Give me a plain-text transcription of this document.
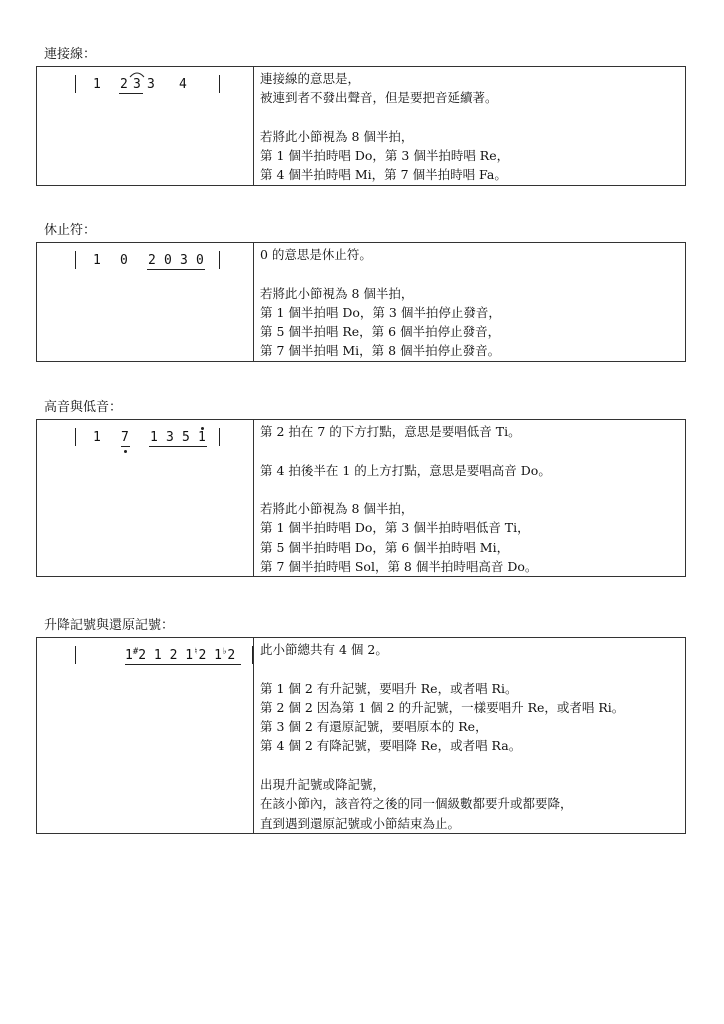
連接線：
1 2 3 3 4	連接線的意思是，
被連到者不發出聲音，但是要把音延續著。
若將此小節視為 8 個半拍，
第 1 個半拍時唱 Do，第 3 個半拍時唱 Re，
第 4 個半拍時唱 Mi，第 7 個半拍時唱 Fa。
休止符：
1 0 2 0 3 0	0 的意思是休止符。
若將此小節視為 8 個半拍，
第 1 個半拍唱 Do，第 3 個半拍停止發音，
第 5 個半拍唱 Re，第 6 個半拍停止發音，
第 7 個半拍唱 Mi，第 8 個半拍停止發音。
高音與低音：
1 7 1 3 5 1	第 2 拍在 7 的下方打點，意思是要唱低音 Ti。
第 4 拍後半在 1 的上方打點，意思是要唱高音 Do。
若將此小節視為 8 個半拍，
第 1 個半拍時唱 Do，第 3 個半拍時唱低音 Ti，
第 5 個半拍時唱 Do，第 6 個半拍時唱 Mi，
第 7 個半拍時唱 Sol，第 8 個半拍時唱高音 Do。
升降記號與還原記號：
1#2 1 2 1♮2 1♭2	此小節總共有 4 個 2。
第 1 個 2 有升記號，要唱升 Re，或者唱 Ri。
第 2 個 2 因為第 1 個 2 的升記號，一樣要唱升 Re，或者唱 Ri。
第 3 個 2 有還原記號，要唱原本的 Re，
第 4 個 2 有降記號，要唱降 Re，或者唱 Ra。
出現升記號或降記號，
在該小節內，該音符之後的同一個級數都要升或都要降，
直到遇到還原記號或小節結束為止。
